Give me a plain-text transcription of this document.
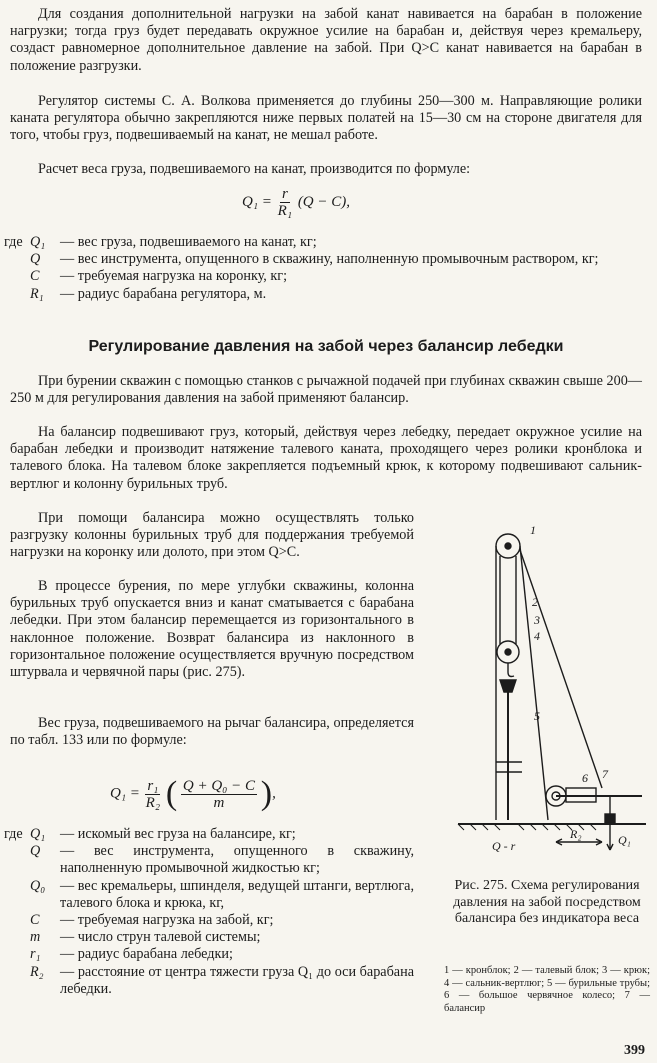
Для создания дополнительной нагрузки на забой канат навивается на барабан в положение нагрузки; тогда груз будет передавать окружное усилие на барабан и, действуя через кремальеру, создаст равномерное дополнительное давление на забой. При Q>C канат навивается на барабан в положение разгрузки.

Регулятор системы С. А. Волкова применяется до глубины 250—300 м. Направляющие ролики каната регулятора обычно закрепляются ниже первых полатей на 15—30 см на стороне двигателя для того, чтобы груз, подвешиваемый на канат, не мешал работе.

Расчет веса груза, подвешиваемого на канат, производится по формуле:

$Q_1 = \frac{r}{\text{R₁}} (Q - C)$,
где Q₁	— вес груза, подвешиваемого на канат, кг;
Q	— вес инструмента, опущенного в скважину, наполненную промывочным раствором, кг;
C	— требуемая нагрузка на коронку, кг;
R₁	— радиус барабана регулятора, м.
Регулирование давления на забой через балансир лебедки

При бурении скважин с помощью станков с рычажной подачей при глубинах скважин свыше 200—250 м для регулирования давления на забой применяют балансир.

На балансир подвешивают груз, который, действуя через лебедку, передает окружное усилие на барабан лебедки и производит натяжение талевого каната, проходящего через ролики кронблока и талевого блока. На талевом блоке закрепляется подъемный крюк, к которому подвешивают сальник-вертлюг и колонну бурильных труб.

При помощи балансира можно осуществлять только разгрузку колонны бурильных труб для поддержания требуемой нагрузки на коронку или долото, при этом Q>C.

В процессе бурения, по мере углубки скважины, колонна бурильных труб опускается вниз и канат сматывается с барабана лебедки. При этом балансир перемещается из горизонтального в наклонное положение. Возврат балансира из наклонного в горизонтальное положение осуществляется вручную посредством штурвала и червячной пары (рис. 275).

Вес груза, подвешиваемого на рычаг балансира, определяется по табл. 133 или по формуле:

$Q_1 = \frac{\text{r₁}}{\text{R₂}}$ ( $\frac{\text{Q + Q₀ − C}}{m}$ ),
где Q₁	— искомый вес груза на балансире, кг;
Q	— вес инструмента, опущенного в скважину, наполненную промывочной жидкостью кг;
Q₀	— вес кремальеры, шпинделя, ведущей штанги, вертлюга, талевого блока и крюка, кг,
C	— требуемая нагрузка на забой, кг;
m	— число струн талевой системы;
r₁	— радиус барабана лебедки;
R₂	— расстояние от центра тяжести груза Q₁ до оси барабана лебедки.
1
2
3
4
5
6 7
R₂
Q - r	Q₁
Рис. 275. Схема регулирования давления на забой посредством балансира без индикатора веса
1 — кронблок; 2 — талевый блок; 3 — крюк; 4 — сальник-вертлюг; 5 — бурильные трубы; 6 — большое червячное колесо; 7 — балансир
399
